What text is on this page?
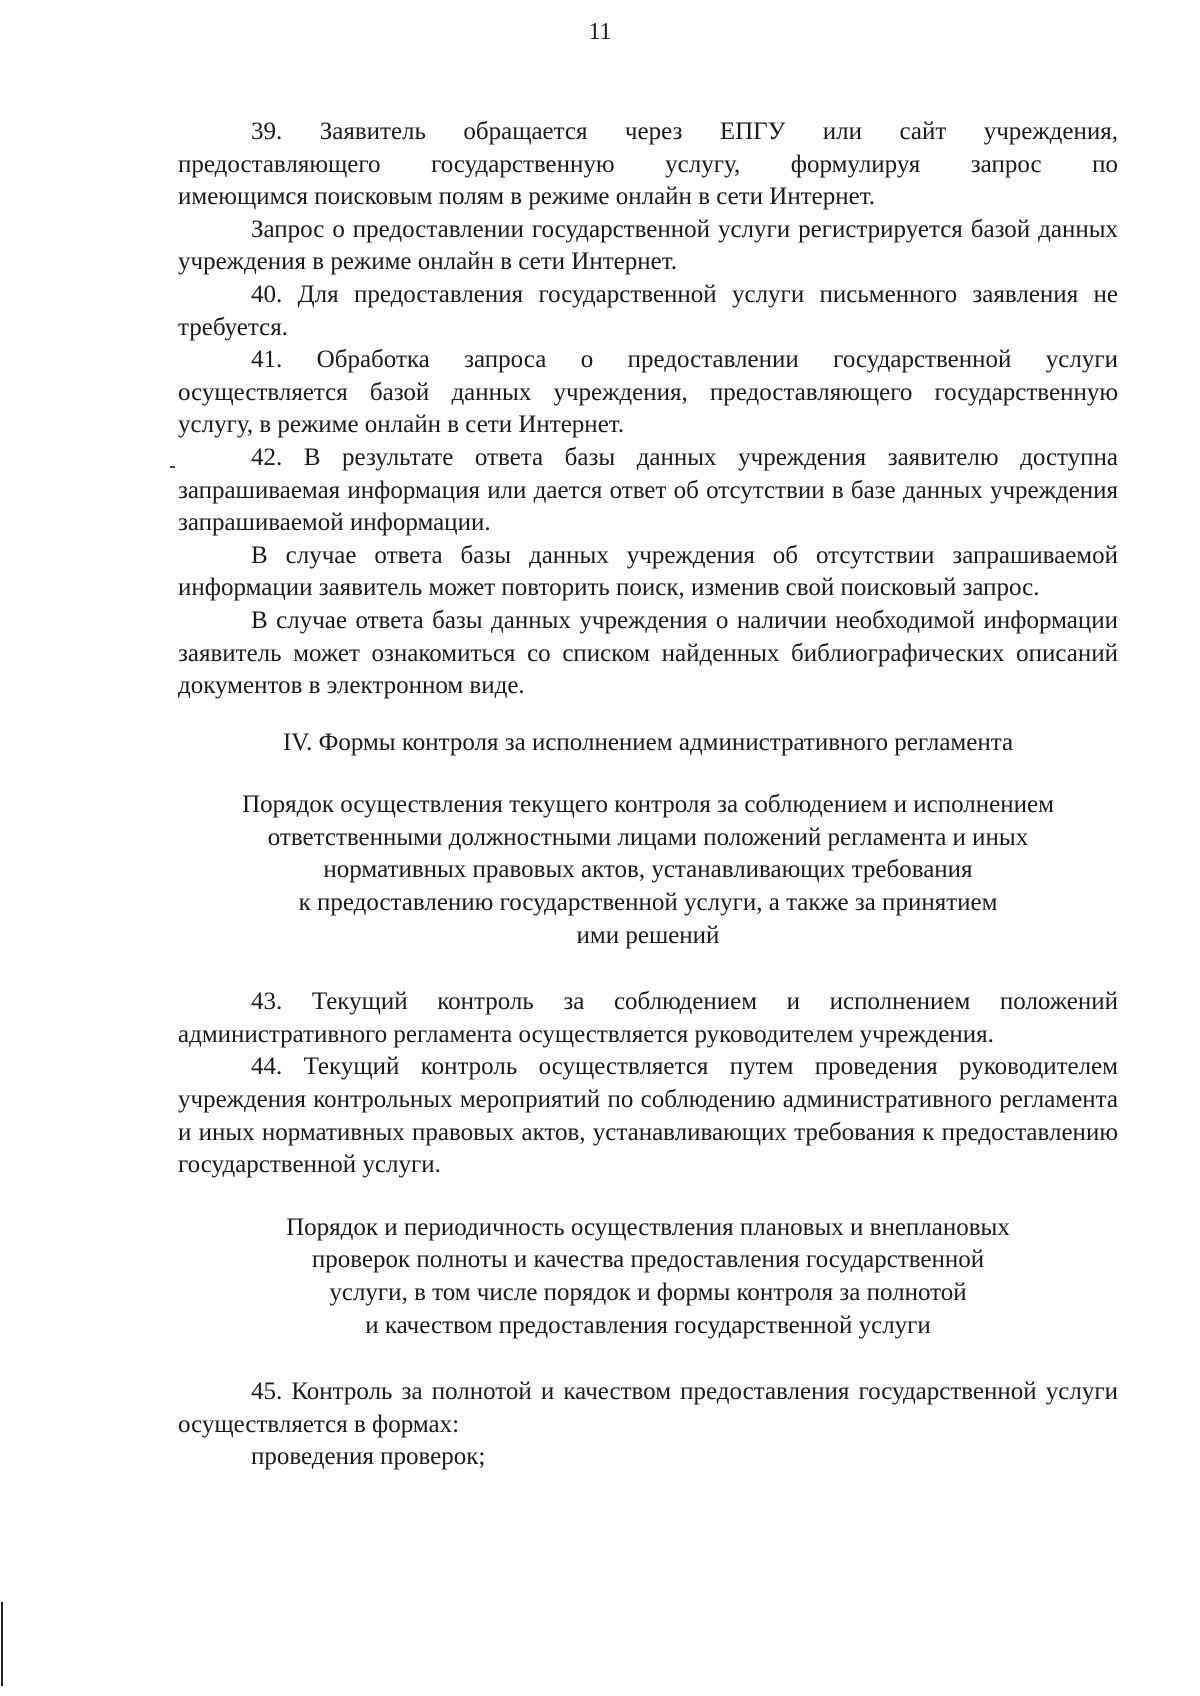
11

39. Заявитель обращается через ЕПГУ или сайт учреждения,

предоставляющего государственную услугу, формулируя запрос по
имеющимся поисковым полям в режиме онлайн в сети Интернет.

Запрос о предоставлении государственной услуги регистрируется базой данных учреждения в режиме онлайн в сети Интернет.

40. Для предоставления государственной услуги письменного заявления не требуется.

41. Обработка запроса о предоставлении государственной услуги осуществляется базой данных учреждения, предоставляющего государственную услугу, в режиме онлайн в сети Интернет.

42. В результате ответа базы данных учреждения заявителю доступна запрашиваемая информация или дается ответ об отсутствии в базе данных учреждения запрашиваемой информации.

В случае ответа базы данных учреждения об отсутствии запрашиваемой информации заявитель может повторить поиск, изменив свой поисковый запрос.

В случае ответа базы данных учреждения о наличии необходимой информации заявитель может ознакомиться со списком найденных библиографических описаний документов в электронном виде.

IV. Формы контроля за исполнением административного регламента

Порядок осуществления текущего контроля за соблюдением и исполнением

ответственными должностными лицами положений регламента и иных

нормативных правовых актов, устанавливающих требования

к предоставлению государственной услуги, а также за принятием

ими решений

43. Текущий контроль за соблюдением и исполнением положений административного регламента осуществляется руководителем учреждения.

44. Текущий контроль осуществляется путем проведения руководителем учреждения контрольных мероприятий по соблюдению административного регламента и иных нормативных правовых актов, устанавливающих требования к предоставлению государственной услуги.

Порядок и периодичность осуществления плановых и внеплановых

проверок полноты и качества предоставления государственной

услуги, в том числе порядок и формы контроля за полнотой

и качеством предоставления государственной услуги

45. Контроль за полнотой и качеством предоставления государственной услуги осуществляется в формах:

проведения проверок;
